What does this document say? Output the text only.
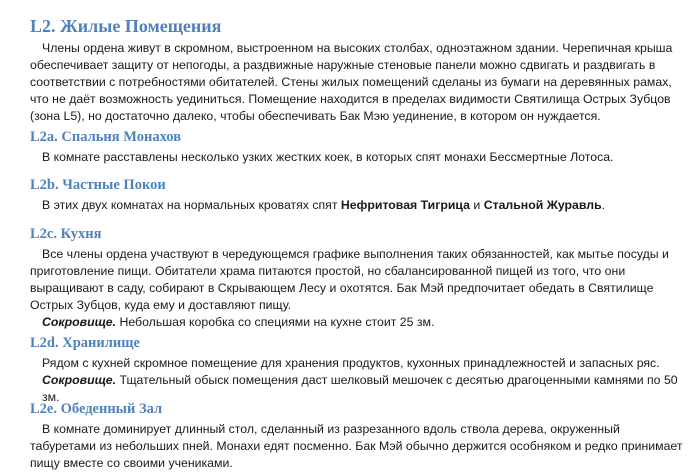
L2. Жилые Помещения

Члены ордена живут в скромном, выстроенном на высоких столбах, одноэтажном здании. Черепичная крыша обеспечивает защиту от непогоды, а раздвижные наружные стеновые панели можно сдвигать и раздвигать в соответствии с потребностями обитателей. Стены жилых помещений сделаны из бумаги на деревянных рамах, что не даёт возможность уединиться. Помещение находится в пределах видимости Святилища Острых Зубцов (зона L5), но достаточно далеко, чтобы обеспечивать Бак Мэю уединение, в котором он нуждается.

L2a. Спальня Монахов

В комнате расставлены несколько узких жестких коек, в которых спят монахи Бессмертные Лотоса.

L2b. Частные Покои

В этих двух комнатах на нормальных кроватях спят Нефритовая Тигрица и Стальной Журавль.

L2c. Кухня

Все члены ордена участвуют в чередующемся графике выполнения таких обязанностей, как мытье посуды и приготовление пищи. Обитатели храма питаются простой, но сбалансированной пищей из того, что они выращивают в саду, собирают в Скрывающем Лесу и охотятся. Бак Мэй предпочитает обедать в Святилище Острых Зубцов, куда ему и доставляют пищу.

Сокровище. Небольшая коробка со специями на кухне стоит 25 зм.

L2d. Хранилище

Рядом с кухней скромное помещение для хранения продуктов, кухонных принадлежностей и запасных ряс.

Сокровище. Тщательный обыск помещения даст шелковый мешочек с десятью драгоценными камнями по 50 зм.

L2e. Обеденный Зал

В комнате доминирует длинный стол, сделанный из разрезанного вдоль ствола дерева, окруженный табуретами из небольших пней. Монахи едят посменно. Бак Мэй обычно держится особняком и редко принимает пищу вместе со своими учениками.
